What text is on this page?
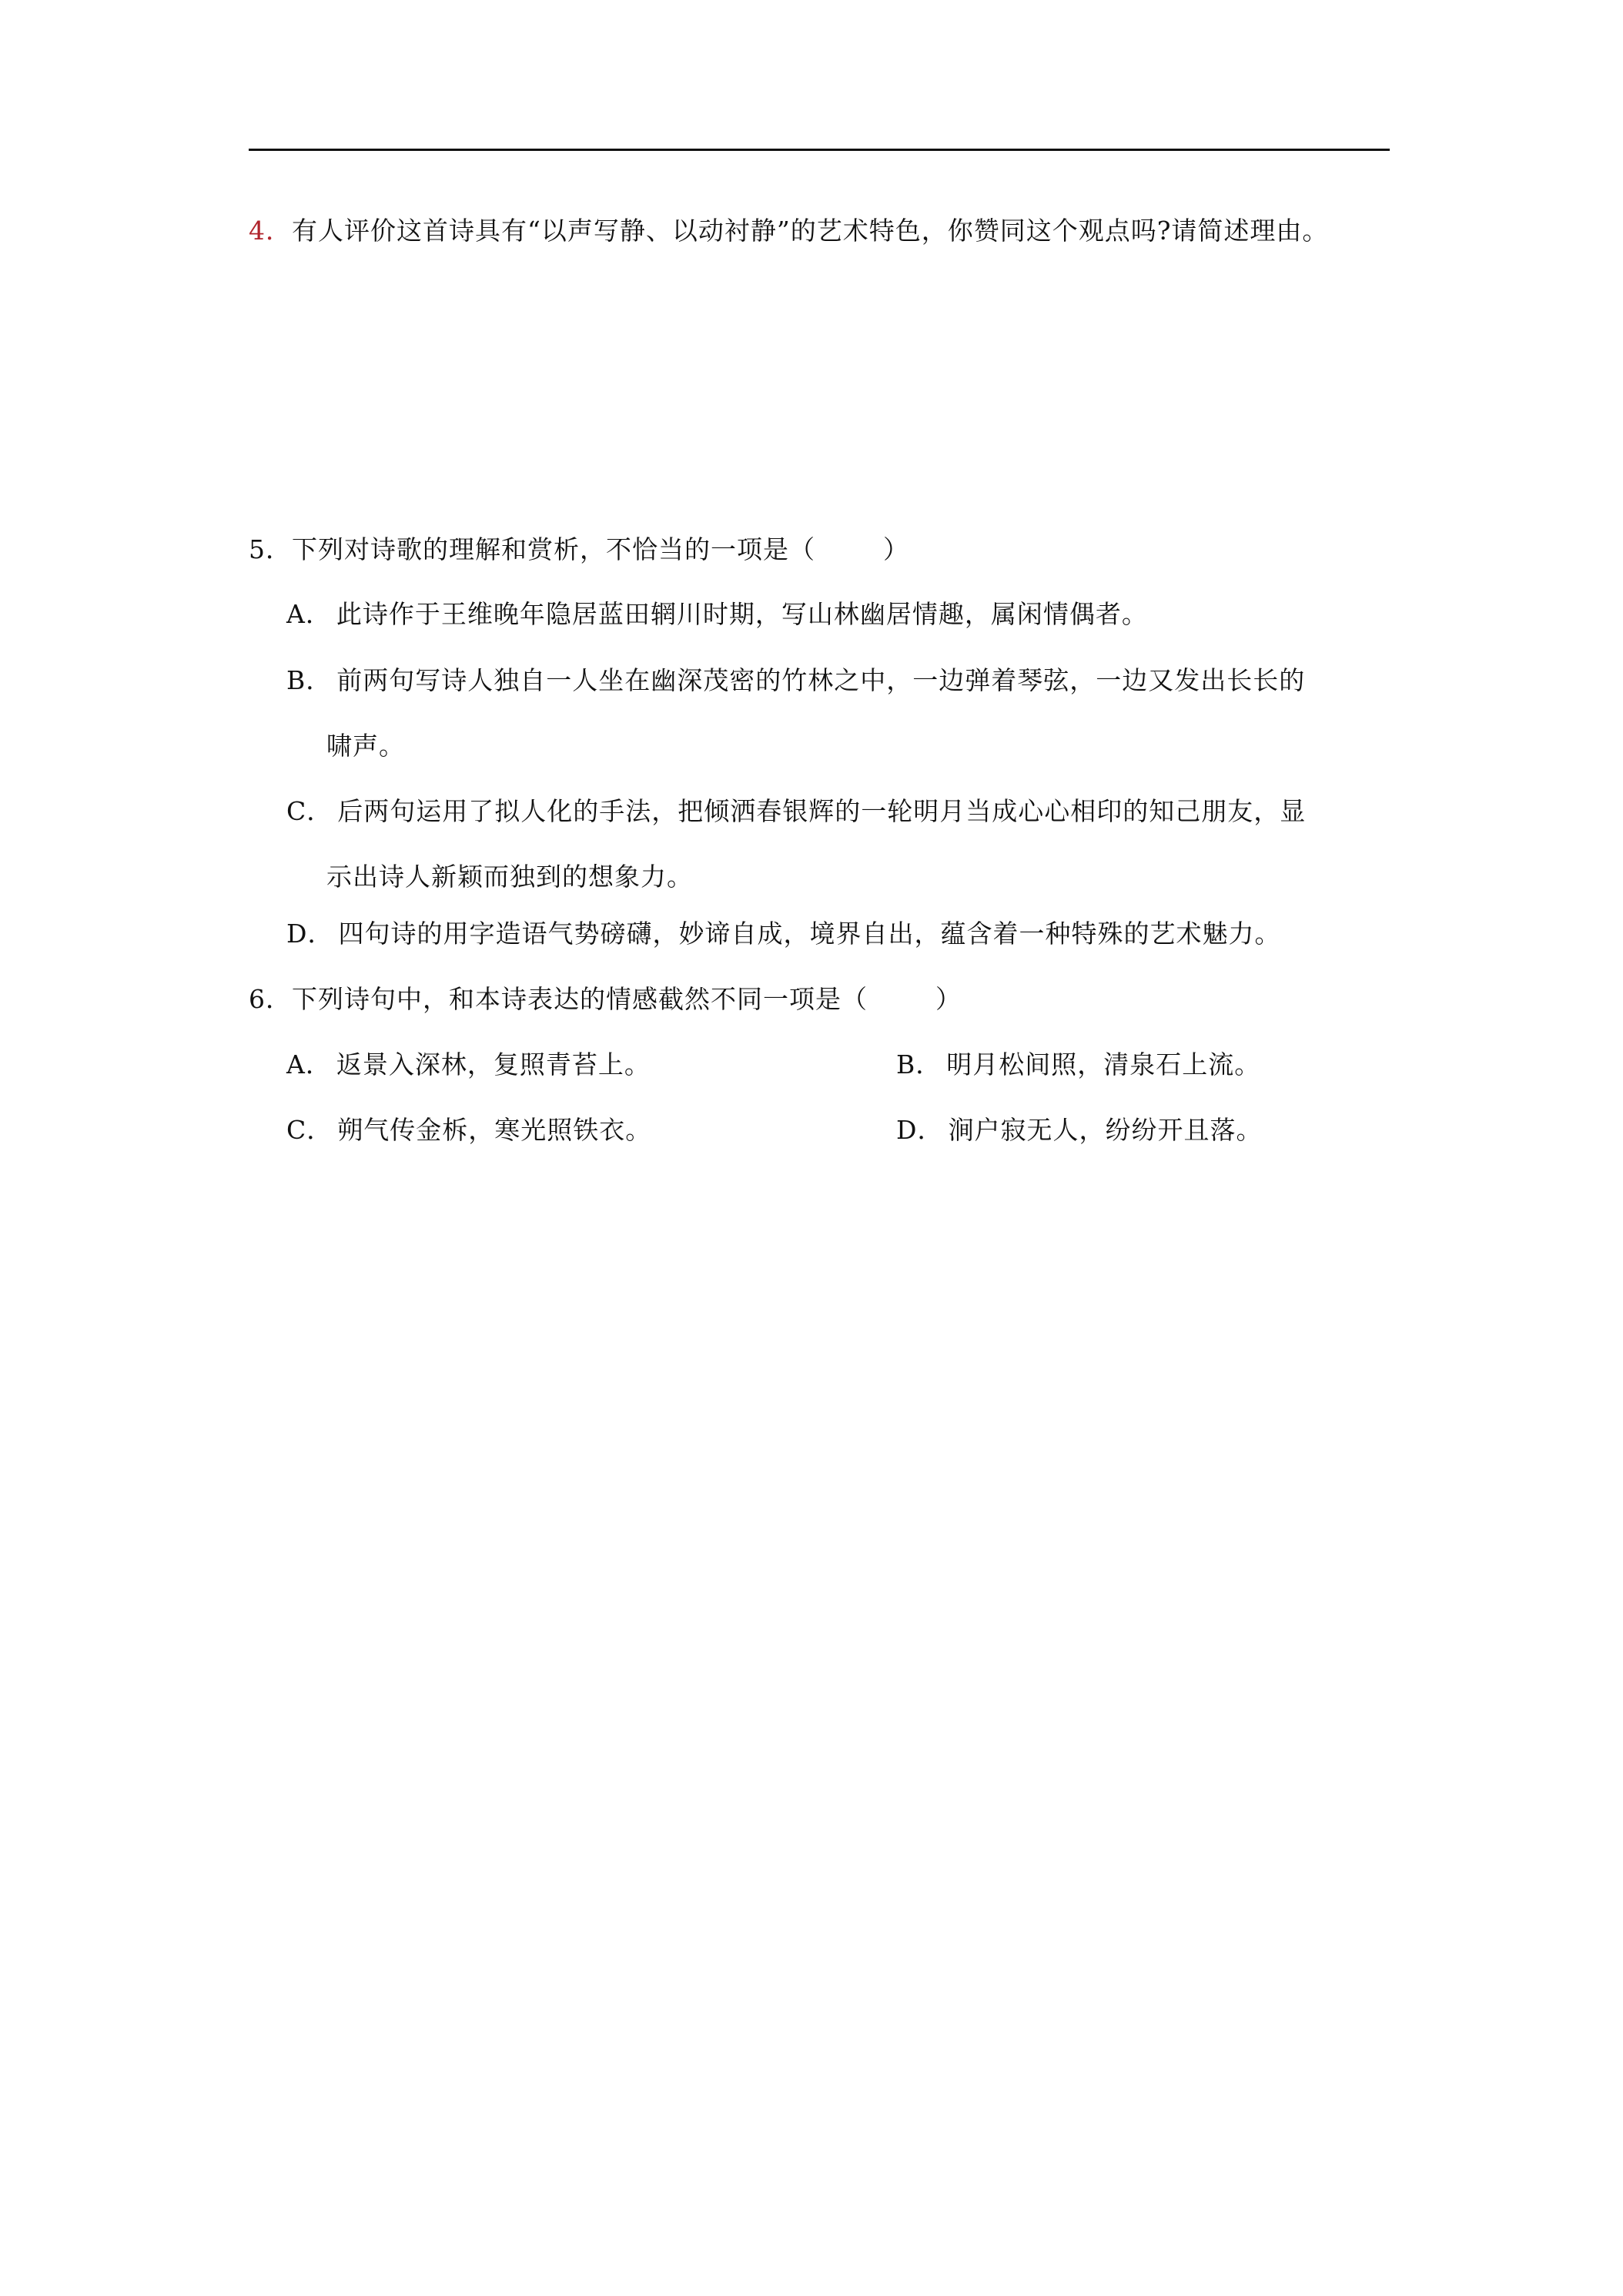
4．有人评价这首诗具有“以声写静、以动衬静”的艺术特色，你赞同这个观点吗?请简述理由。
5．下列对诗歌的理解和赏析，不恰当的一项是（	）
A． 此诗作于王维晚年隐居蓝田辋川时期，写山林幽居情趣，属闲情偶者。
B． 前两句写诗人独自一人坐在幽深茂密的竹林之中，一边弹着琴弦，一边又发出长长的
啸声。
C． 后两句运用了拟人化的手法，把倾洒春银辉的一轮明月当成心心相印的知己朋友，显
示出诗人新颖而独到的想象力。
D． 四句诗的用字造语气势磅礴，妙谛自成，境界自出，蕴含着一种特殊的艺术魅力。
6．下列诗句中，和本诗表达的情感截然不同一项是（	）
A． 返景入深林，复照青苔上。	B． 明月松间照，清泉石上流。
C． 朔气传金柝，寒光照铁衣。	D． 涧户寂无人，纷纷开且落。
